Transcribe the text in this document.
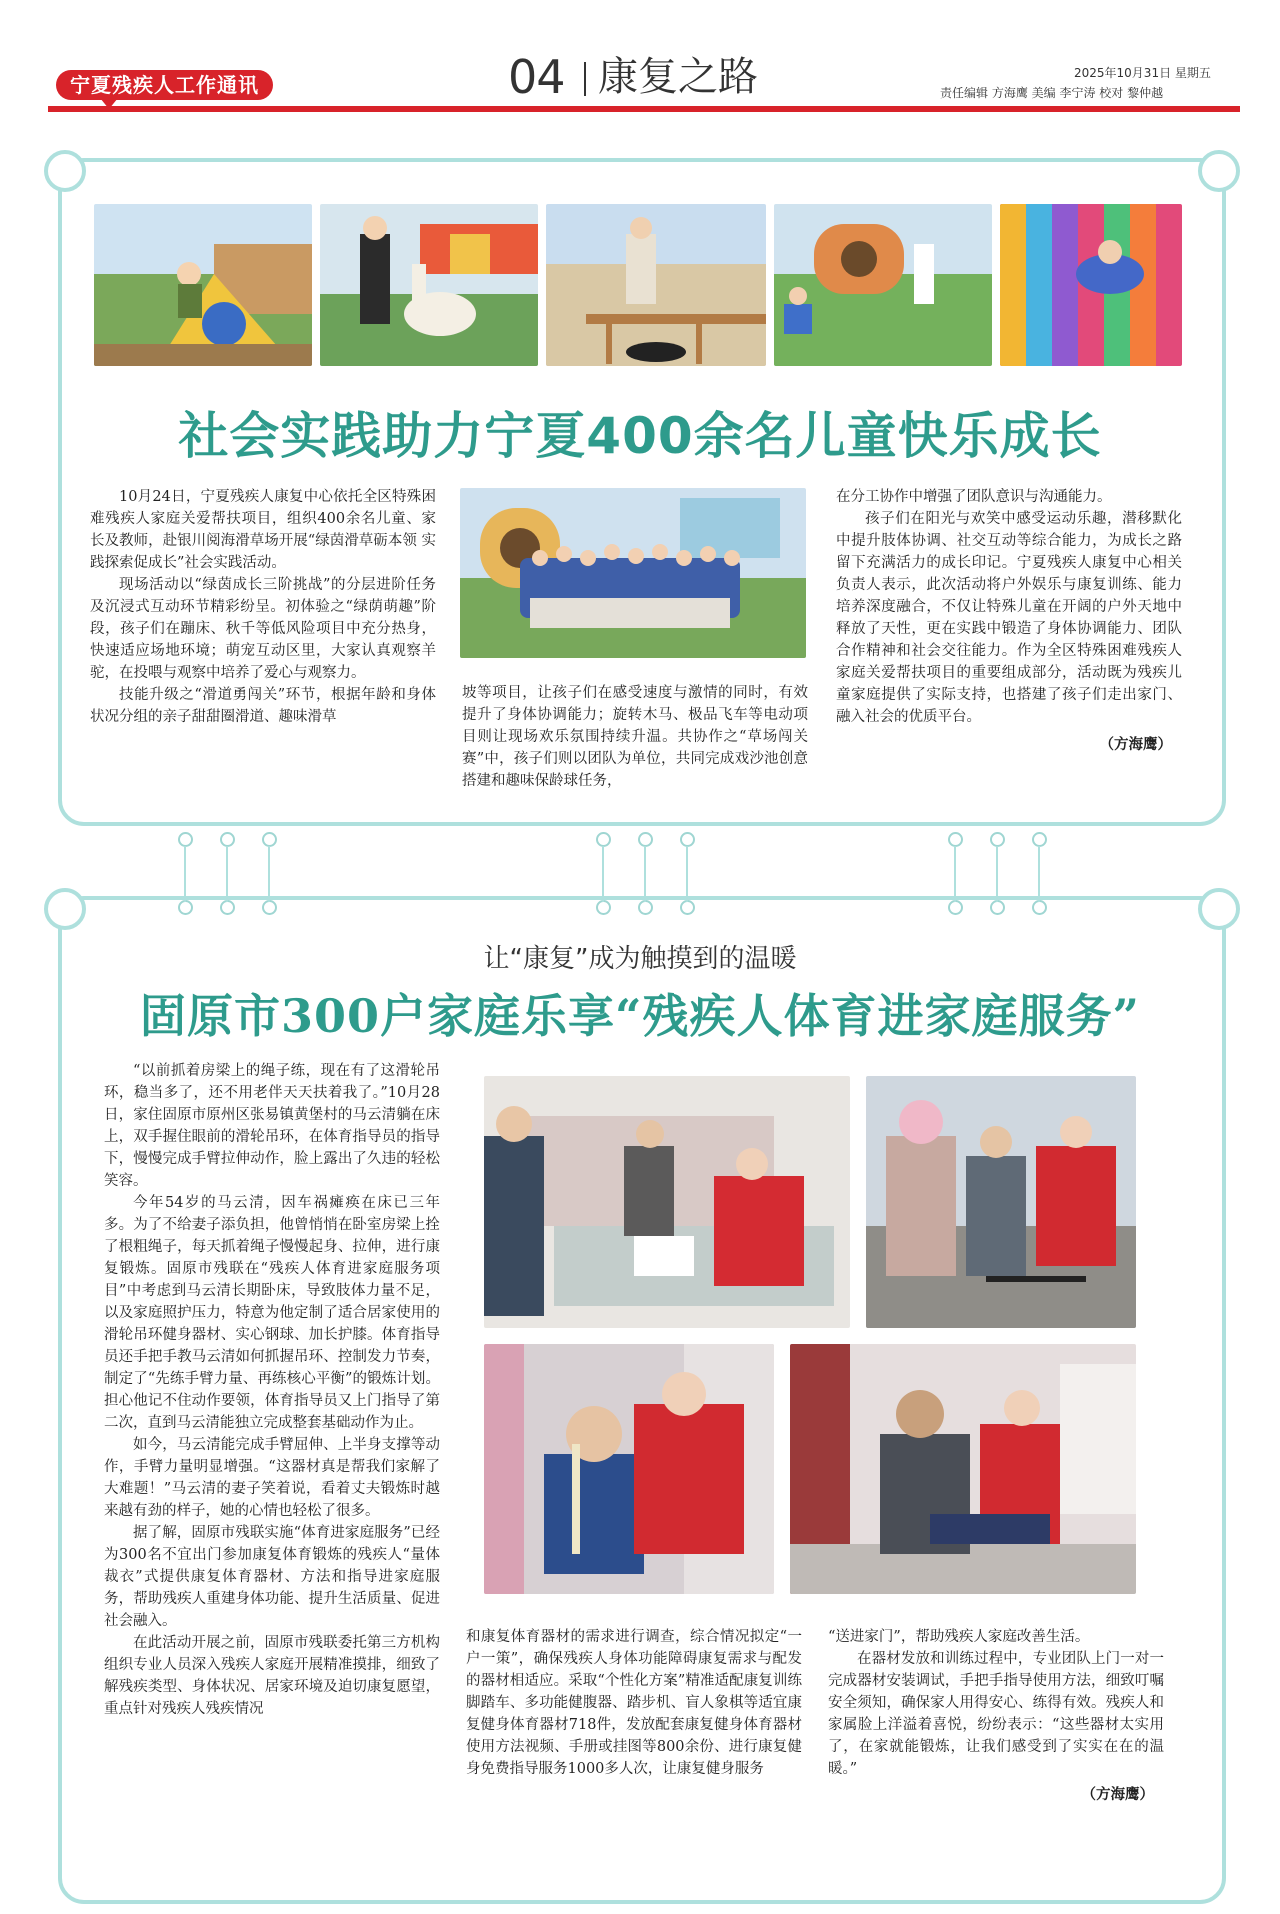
宁夏残疾人工作通讯	04 康复之路	2025年10月31日 星期五
责任编辑 方海鹰 美编 李宁涛 校对 黎仲越
社会实践助力宁夏400余名儿童快乐成长

10月24日，宁夏残疾人康复中心依托全区特殊困难残疾人家庭关爱帮扶项目，组织400余名儿童、家长及教师，赴银川阅海滑草场开展“绿茵滑草砺本领 实践探索促成长”社会实践活动。

现场活动以“绿茵成长三阶挑战”的分层进阶任务及沉浸式互动环节精彩纷呈。初体验之“绿荫萌趣”阶段，孩子们在蹦床、秋千等低风险项目中充分热身，快速适应场地环境；萌宠互动区里，大家认真观察羊驼，在投喂与观察中培养了爱心与观察力。

技能升级之“滑道勇闯关”环节，根据年龄和身体状况分组的亲子甜甜圈滑道、趣味滑草

坡等项目，让孩子们在感受速度与激情的同时，有效提升了身体协调能力；旋转木马、极品飞车等电动项目则让现场欢乐氛围持续升温。共协作之“草场闯关赛”中，孩子们则以团队为单位，共同完成戏沙池创意搭建和趣味保龄球任务，

在分工协作中增强了团队意识与沟通能力。

孩子们在阳光与欢笑中感受运动乐趣，潜移默化中提升肢体协调、社交互动等综合能力，为成长之路留下充满活力的成长印记。宁夏残疾人康复中心相关负责人表示，此次活动将户外娱乐与康复训练、能力培养深度融合，不仅让特殊儿童在开阔的户外天地中释放了天性，更在实践中锻造了身体协调能力、团队合作精神和社会交往能力。作为全区特殊困难残疾人家庭关爱帮扶项目的重要组成部分，活动既为残疾儿童家庭提供了实际支持，也搭建了孩子们走出家门、融入社会的优质平台。

（方海鹰）
让“康复”成为触摸到的温暖
固原市300户家庭乐享“残疾人体育进家庭服务”

“以前抓着房梁上的绳子练，现在有了这滑轮吊环，稳当多了，还不用老伴天天扶着我了。”10月28日，家住固原市原州区张易镇黄堡村的马云清躺在床上，双手握住眼前的滑轮吊环，在体育指导员的指导下，慢慢完成手臂拉伸动作，脸上露出了久违的轻松笑容。

今年54岁的马云清，因车祸瘫痪在床已三年多。为了不给妻子添负担，他曾悄悄在卧室房梁上拴了根粗绳子，每天抓着绳子慢慢起身、拉伸，进行康复锻炼。固原市残联在“残疾人体育进家庭服务项目”中考虑到马云清长期卧床，导致肢体力量不足，以及家庭照护压力，特意为他定制了适合居家使用的滑轮吊环健身器材、实心钢球、加长护膝。体育指导员还手把手教马云清如何抓握吊环、控制发力节奏，制定了“先练手臂力量、再练核心平衡”的锻炼计划。担心他记不住动作要领，体育指导员又上门指导了第二次，直到马云清能独立完成整套基础动作为止。

如今，马云清能完成手臂屈伸、上半身支撑等动作，手臂力量明显增强。“这器材真是帮我们家解了大难题！”马云清的妻子笑着说，看着丈夫锻炼时越来越有劲的样子，她的心情也轻松了很多。

据了解，固原市残联实施“体育进家庭服务”已经为300名不宜出门参加康复体育锻炼的残疾人“量体裁衣”式提供康复体育器材、方法和指导进家庭服务，帮助残疾人重建身体功能、提升生活质量、促进社会融入。

在此活动开展之前，固原市残联委托第三方机构组织专业人员深入残疾人家庭开展精准摸排，细致了解残疾类型、身体状况、居家环境及迫切康复愿望，重点针对残疾人残疾情况

和康复体育器材的需求进行调查，综合情况拟定“一户一策”，确保残疾人身体功能障碍康复需求与配发的器材相适应。采取“个性化方案”精准适配康复训练脚踏车、多功能健腹器、踏步机、盲人象棋等适宜康复健身体育器材718件，发放配套康复健身体育器材使用方法视频、手册或挂图等800余份、进行康复健身免费指导服务1000多人次，让康复健身服务

“送进家门”，帮助残疾人家庭改善生活。

在器材发放和训练过程中，专业团队上门一对一完成器材安装调试，手把手指导使用方法，细致叮嘱安全须知，确保家人用得安心、练得有效。残疾人和家属脸上洋溢着喜悦，纷纷表示：“这些器材太实用了，在家就能锻炼，让我们感受到了实实在在的温暖。”

（方海鹰）
